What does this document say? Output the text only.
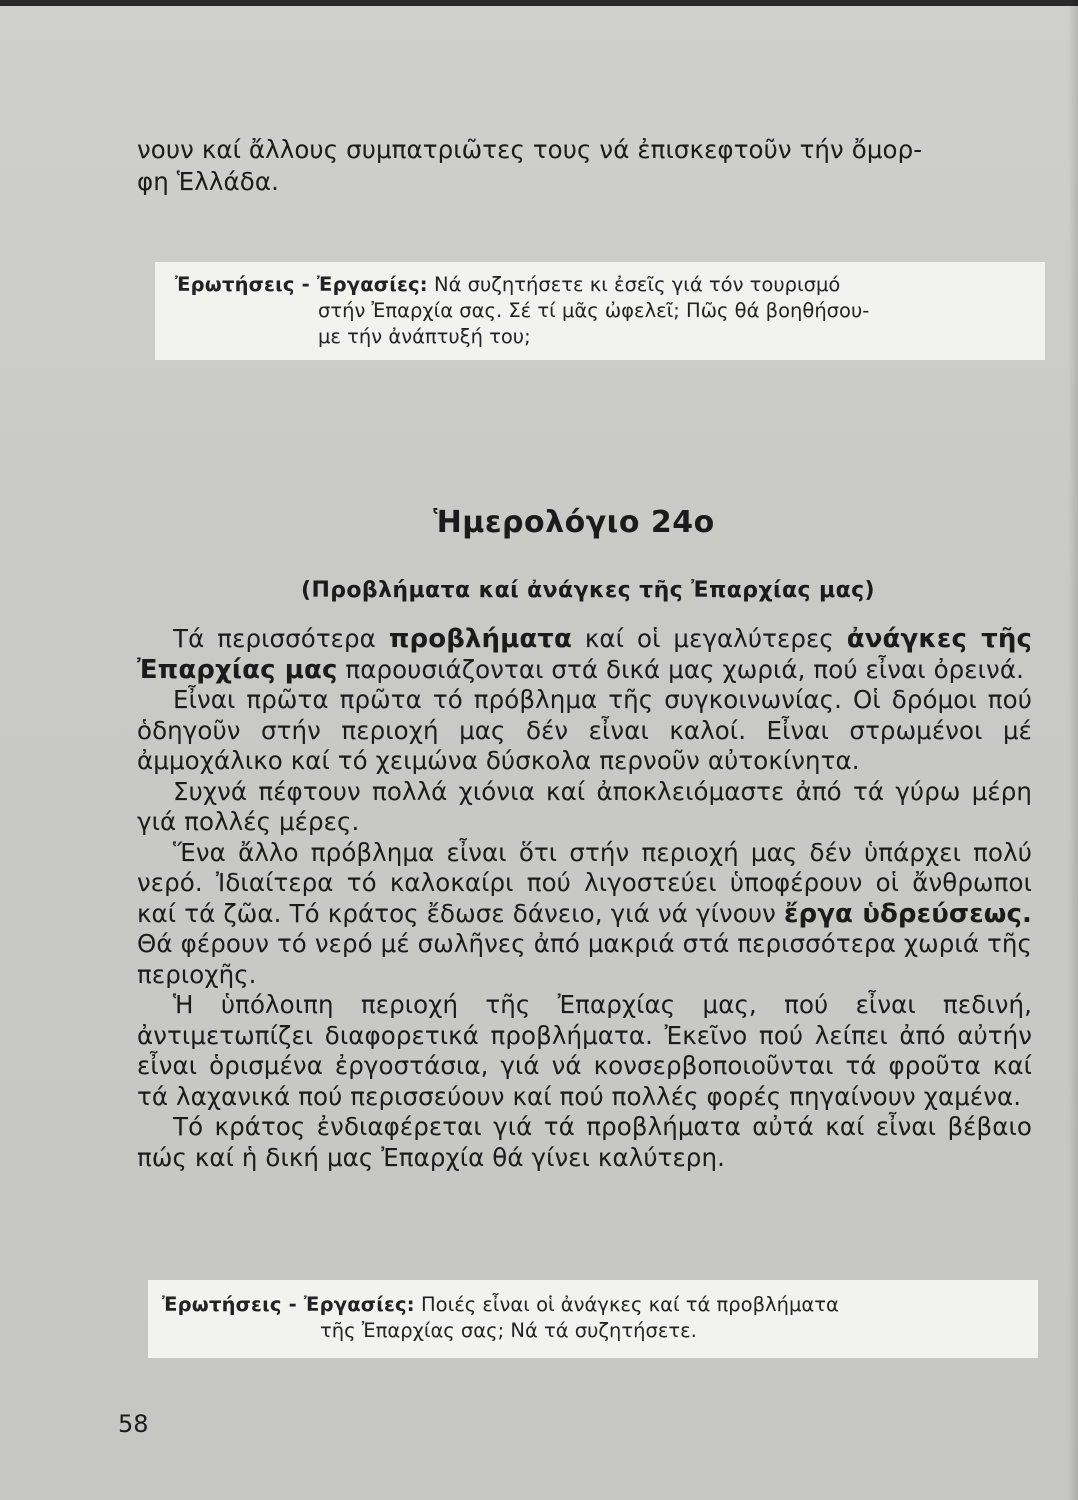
νουν καί ἄλλους συμπατριῶτες τους νά ἐπισκεφτοῦν τήν ὄμορ-
φη Ἑλλάδα.
Ἐρωτήσεις - Ἐργασίες: Νά συζητήσετε κι ἐσεῖς γιά τόν τουρισμό
στήν Ἐπαρχία σας. Σέ τί μᾶς ὠφελεῖ; Πῶς θά βοηθήσου-
με τήν ἀνάπτυξή του;
Ἡμερολόγιο 24ο
(Προβλήματα καί ἀνάγκες τῆς Ἐπαρχίας μας)

Τά περισσότερα προβλήματα καί οἱ μεγαλύτερες ἀνάγκες τῆς Ἐπαρχίας μας παρουσιάζονται στά δικά μας χωριά, πού εἶναι ὀρεινά.

Εἶναι πρῶτα πρῶτα τό πρόβλημα τῆς συγκοινωνίας. Οἱ δρόμοι πού ὁδηγοῦν στήν περιοχή μας δέν εἶναι καλοί. Εἶναι στρωμένοι μέ ἀμμοχάλικο καί τό χειμώνα δύσκολα περνοῦν αὐτοκίνητα.

Συχνά πέφτουν πολλά χιόνια καί ἀποκλειόμαστε ἀπό τά γύρω μέρη γιά πολλές μέρες.

Ἕνα ἄλλο πρόβλημα εἶναι ὅτι στήν περιοχή μας δέν ὑπάρχει πολύ νερό. Ἰδιαίτερα τό καλοκαίρι πού λιγοστεύει ὑποφέρουν οἱ ἄνθρωποι καί τά ζῶα. Τό κράτος ἔδωσε δάνειο, γιά νά γίνουν ἔργα ὑδρεύσεως. Θά φέρουν τό νερό μέ σωλῆνες ἀπό μακριά στά περισσότερα χωριά τῆς περιοχῆς.

Ἡ ὑπόλοιπη περιοχή τῆς Ἐπαρχίας μας, πού εἶναι πεδινή, ἀντιμετωπίζει διαφορετικά προβλήματα. Ἐκεῖνο πού λείπει ἀπό αὐτήν εἶναι ὁρισμένα ἐργοστάσια, γιά νά κονσερβοποιοῦνται τά φροῦτα καί τά λαχανικά πού περισσεύουν καί πού πολλές φορές πηγαίνουν χαμένα.

Τό κράτος ἐνδιαφέρεται γιά τά προβλήματα αὐτά καί εἶναι βέβαιο πώς καί ἡ δική μας Ἐπαρχία θά γίνει καλύτερη.

Ἐρωτήσεις - Ἐργασίες: Ποιές εἶναι οἱ ἀνάγκες καί τά προβλήματα
τῆς Ἐπαρχίας σας; Νά τά συζητήσετε.
58
